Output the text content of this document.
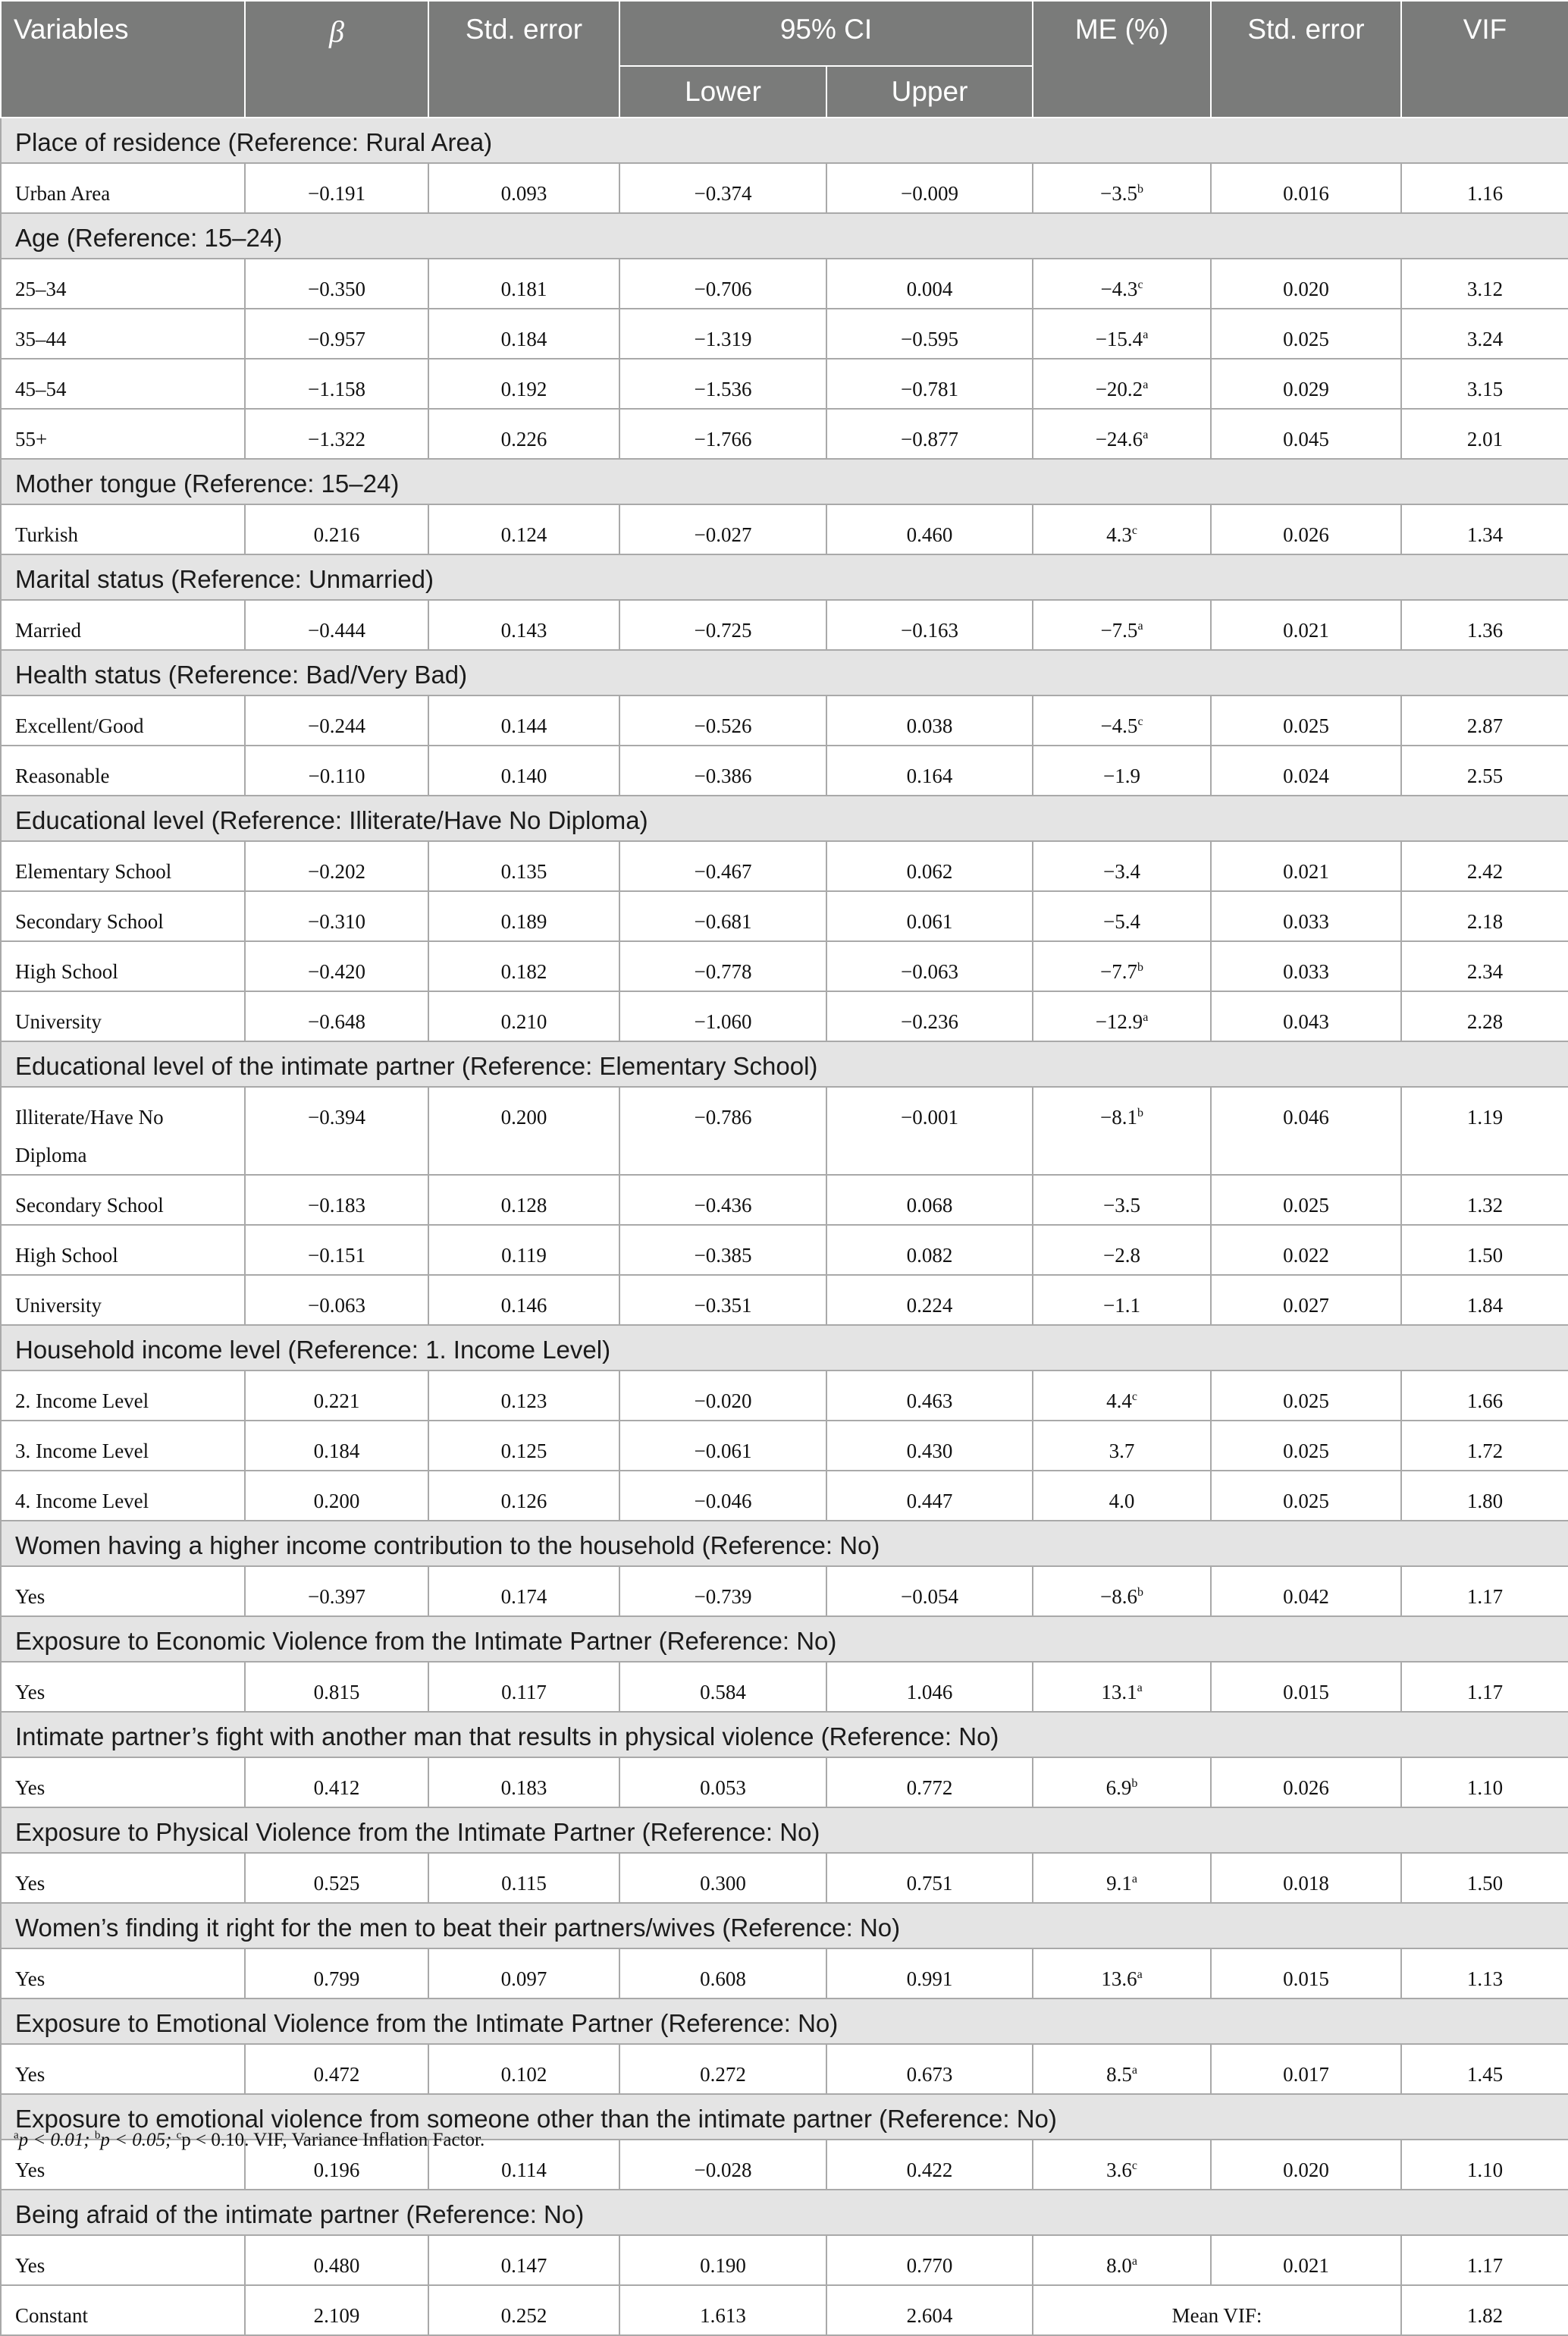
Variables	β	Std. error	95% CI		ME (%)	Std. error	VIF
			Lower	Upper			
Place of residence (Reference: Rural Area)							
Urban Area	−0.191	0.093	−0.374	−0.009	−3.5$^b$	0.016	1.16
Age (Reference: 15–24)							
25–34	−0.350	0.181	−0.706	0.004	−4.3$^c$	0.020	3.12
35–44	−0.957	0.184	−1.319	−0.595	−15.4$^a$	0.025	3.24
45–54	−1.158	0.192	−1.536	−0.781	−20.2$^a$	0.029	3.15
55+	−1.322	0.226	−1.766	−0.877	−24.6$^a$	0.045	2.01
Mother tongue (Reference: 15–24)							
Turkish	0.216	0.124	−0.027	0.460	4.3$^c$	0.026	1.34
Marital status (Reference: Unmarried)							
Married	−0.444	0.143	−0.725	−0.163	−7.5$^a$	0.021	1.36
Health status (Reference: Bad/Very Bad)							
Excellent/Good	−0.244	0.144	−0.526	0.038	−4.5$^c$	0.025	2.87
Reasonable	−0.110	0.140	−0.386	0.164	−1.9	0.024	2.55
Educational level (Reference: Illiterate/Have No Diploma)							
Elementary School	−0.202	0.135	−0.467	0.062	−3.4	0.021	2.42
Secondary School	−0.310	0.189	−0.681	0.061	−5.4	0.033	2.18
High School	−0.420	0.182	−0.778	−0.063	−7.7$^b$	0.033	2.34
University	−0.648	0.210	−1.060	−0.236	−12.9$^a$	0.043	2.28
Educational level of the intimate partner (Reference: Elementary School)							
Illiterate/Have No Diploma	−0.394	0.200	−0.786	−0.001	−8.1$^b$	0.046	1.19
Secondary School	−0.183	0.128	−0.436	0.068	−3.5	0.025	1.32
High School	−0.151	0.119	−0.385	0.082	−2.8	0.022	1.50
University	−0.063	0.146	−0.351	0.224	−1.1	0.027	1.84
Household income level (Reference: 1. Income Level)							
2. Income Level	0.221	0.123	−0.020	0.463	4.4$^c$	0.025	1.66
3. Income Level	0.184	0.125	−0.061	0.430	3.7	0.025	1.72
4. Income Level	0.200	0.126	−0.046	0.447	4.0	0.025	1.80
Women having a higher income contribution to the household (Reference: No)							
Yes	−0.397	0.174	−0.739	−0.054	−8.6$^b$	0.042	1.17
Exposure to Economic Violence from the Intimate Partner (Reference: No)							
Yes	0.815	0.117	0.584	1.046	13.1$^a$	0.015	1.17
Intimate partner’s fight with another man that results in physical violence (Reference: No)							
Yes	0.412	0.183	0.053	0.772	6.9$^b$	0.026	1.10
Exposure to Physical Violence from the Intimate Partner (Reference: No)							
Yes	0.525	0.115	0.300	0.751	9.1$^a$	0.018	1.50
Women’s finding it right for the men to beat their partners/wives (Reference: No)							
Yes	0.799	0.097	0.608	0.991	13.6$^a$	0.015	1.13
Exposure to Emotional Violence from the Intimate Partner (Reference: No)							
Yes	0.472	0.102	0.272	0.673	8.5$^a$	0.017	1.45
Exposure to emotional violence from someone other than the intimate partner (Reference: No)							
Yes	0.196	0.114	−0.028	0.422	3.6$^c$	0.020	1.10
Being afraid of the intimate partner (Reference: No)							
Yes	0.480	0.147	0.190	0.770	8.0$^a$	0.021	1.17
Constant	2.109	0.252	1.613	2.604	Mean VIF:		1.82
$^a$p < 0.01; $^b$p < 0.05; $^c$p < 0.10. VIF, Variance Inflation Factor.
